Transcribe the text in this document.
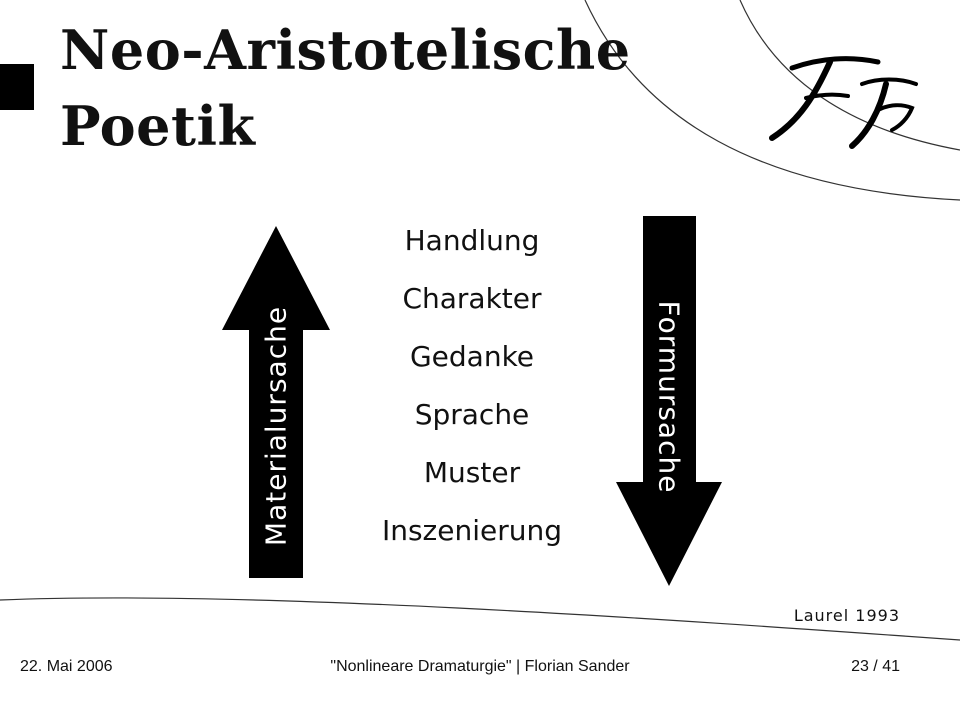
Neo-Aristotelische
Poetik
Handlung
Charakter
Gedanke
Sprache
Muster
Inszenierung
Materialursache	Formursache
Laurel 1993
22. Mai 2006	"Nonlineare Dramaturgie" | Florian Sander	23 / 41
